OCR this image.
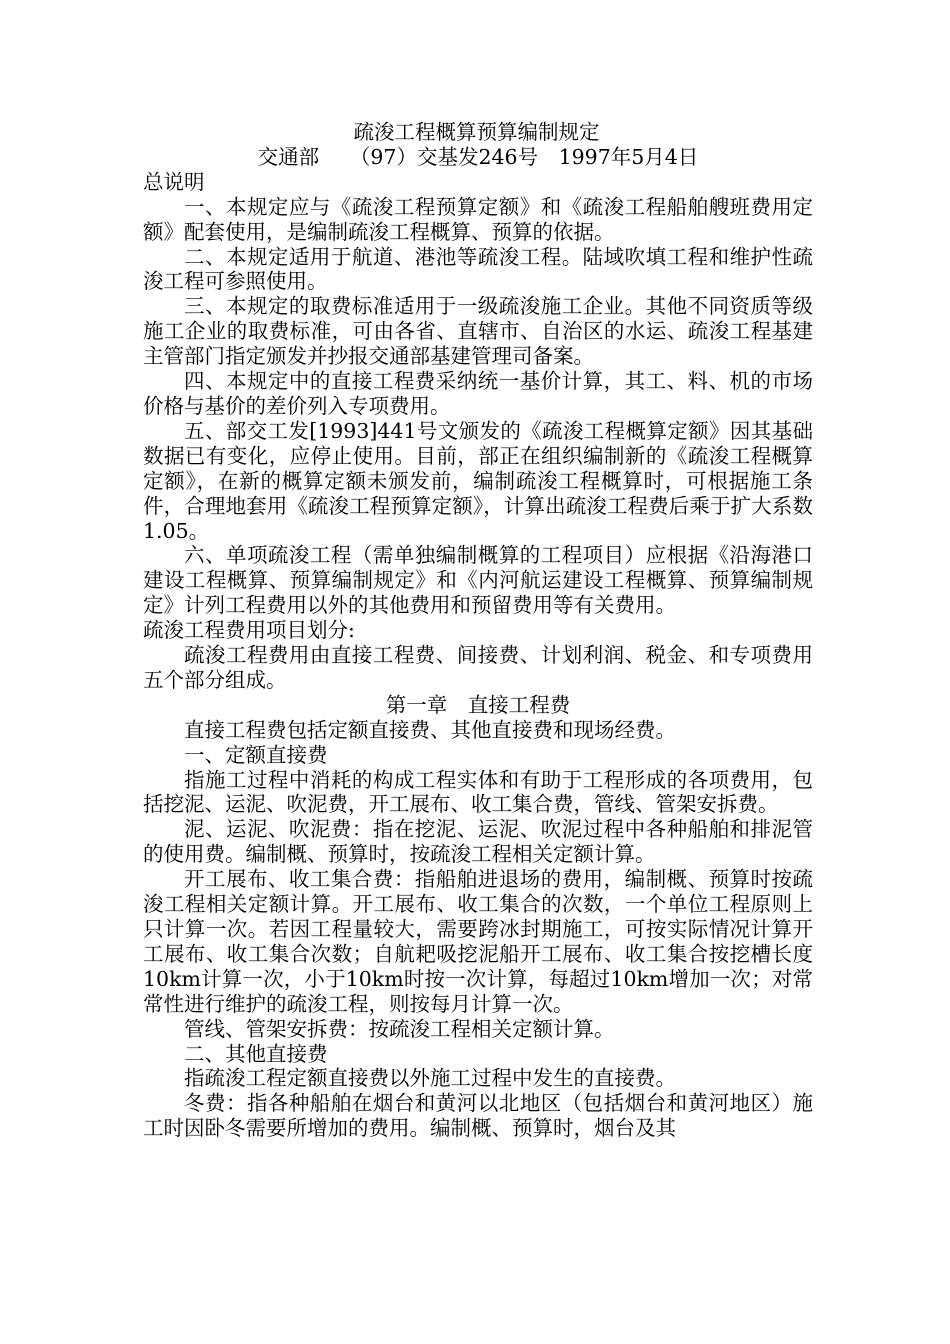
疏浚工程概算预算编制规定
交通部　　（97）交基发246号　1997年5月4日
总说明
一、本规定应与《疏浚工程预算定额》和《疏浚工程船舶艘班费用定额》配套使用，是编制疏浚工程概算、预算的依据。
二、本规定适用于航道、港池等疏浚工程。陆域吹填工程和维护性疏浚工程可参照使用。
三、本规定的取费标准适用于一级疏浚施工企业。其他不同资质等级施工企业的取费标准，可由各省、直辖市、自治区的水运、疏浚工程基建主管部门指定颁发并抄报交通部基建管理司备案。
四、本规定中的直接工程费采纳统一基价计算，其工、料、机的市场价格与基价的差价列入专项费用。
五、部交工发[1993]441号文颁发的《疏浚工程概算定额》因其基础数据已有变化，应停止使用。目前，部正在组织编制新的《疏浚工程概算定额》，在新的概算定额未颁发前，编制疏浚工程概算时，可根据施工条件，合理地套用《疏浚工程预算定额》，计算出疏浚工程费后乘于扩大系数1.05。
六、单项疏浚工程（需单独编制概算的工程项目）应根据《沿海港口建设工程概算、预算编制规定》和《内河航运建设工程概算、预算编制规定》计列工程费用以外的其他费用和预留费用等有关费用。
疏浚工程费用项目划分:
疏浚工程费用由直接工程费、间接费、计划利润、税金、和专项费用五个部分组成。
第一章　直接工程费
直接工程费包括定额直接费、其他直接费和现场经费。
一、定额直接费
指施工过程中消耗的构成工程实体和有助于工程形成的各项费用，包括挖泥、运泥、吹泥费，开工展布、收工集合费，管线、管架安拆费。
泥、运泥、吹泥费：指在挖泥、运泥、吹泥过程中各种船舶和排泥管的使用费。编制概、预算时，按疏浚工程相关定额计算。
开工展布、收工集合费：指船舶进退场的费用，编制概、预算时按疏浚工程相关定额计算。开工展布、收工集合的次数，一个单位工程原则上只计算一次。若因工程量较大，需要跨冰封期施工，可按实际情况计算开工展布、收工集合次数；自航耙吸挖泥船开工展布、收工集合按挖槽长度10km计算一次，小于10km时按一次计算，每超过10km增加一次；对常常性进行维护的疏浚工程，则按每月计算一次。
管线、管架安拆费：按疏浚工程相关定额计算。
二、其他直接费
指疏浚工程定额直接费以外施工过程中发生的直接费。
冬费：指各种船舶在烟台和黄河以北地区（包括烟台和黄河地区）施工时因卧冬需要所增加的费用。编制概、预算时，烟台及其
